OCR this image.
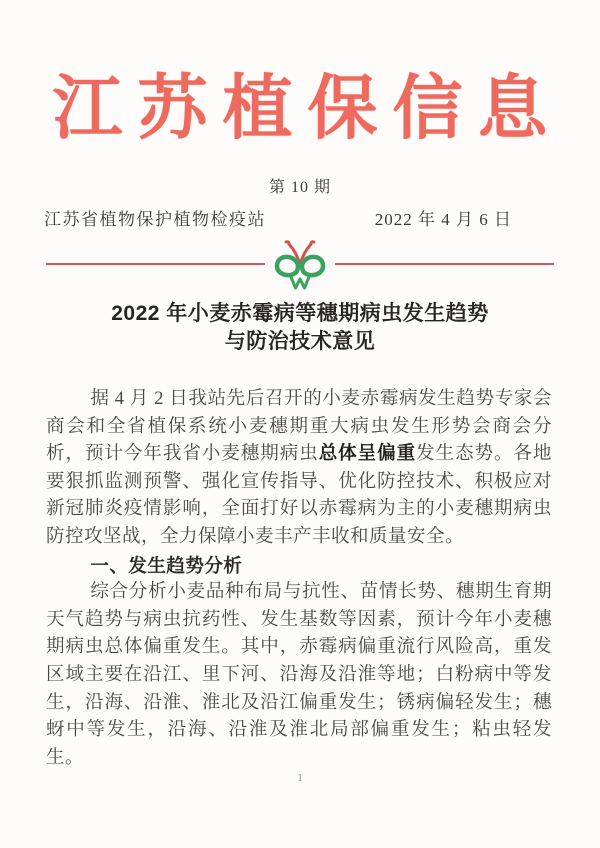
江苏植保信息
第 10 期
江苏省植物保护植物检疫站	2022 年 4 月 6 日
2022 年小麦赤霉病等穗期病虫发生趋势
与防治技术意见

据 4 月 2 日我站先后召开的小麦赤霉病发生趋势专家会商会和全省植保系统小麦穗期重大病虫发生形势会商会分析，预计今年我省小麦穗期病虫总体呈偏重发生态势。各地要狠抓监测预警、强化宣传指导、优化防控技术、积极应对新冠肺炎疫情影响，全面打好以赤霉病为主的小麦穗期病虫防控攻坚战，全力保障小麦丰产丰收和质量安全。

一、发生趋势分析

综合分析小麦品种布局与抗性、苗情长势、穗期生育期天气趋势与病虫抗药性、发生基数等因素，预计今年小麦穗期病虫总体偏重发生。其中，赤霉病偏重流行风险高，重发区域主要在沿江、里下河、沿海及沿淮等地；白粉病中等发生，沿海、沿淮、淮北及沿江偏重发生；锈病偏轻发生；穗蚜中等发生，沿海、沿淮及淮北局部偏重发生；粘虫轻发生。

1
